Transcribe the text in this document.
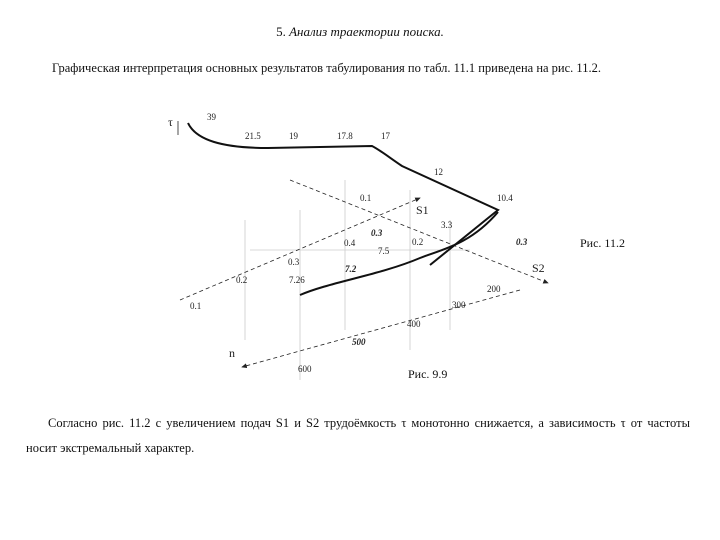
5. Анализ траектории поиска.
Графическая интерпретация основных результатов табулирования по табл. 11.1 приведена на рис. 11.2.
τ
S1
S2
n
39
21.5	19	17.8	17
12
10.4
0.1
0.4
0.3
0.2
0.1
0.3
0.2
200
300
400
500
600
3.3
7.5
0.3
7.2
7.26
Рис. 11.2
Рис. 9.9
Согласно рис. 11.2 с увеличением подач S1 и S2 трудоёмкость τ монотонно снижается, а зависимость τ от частоты носит экстремальный характер.
